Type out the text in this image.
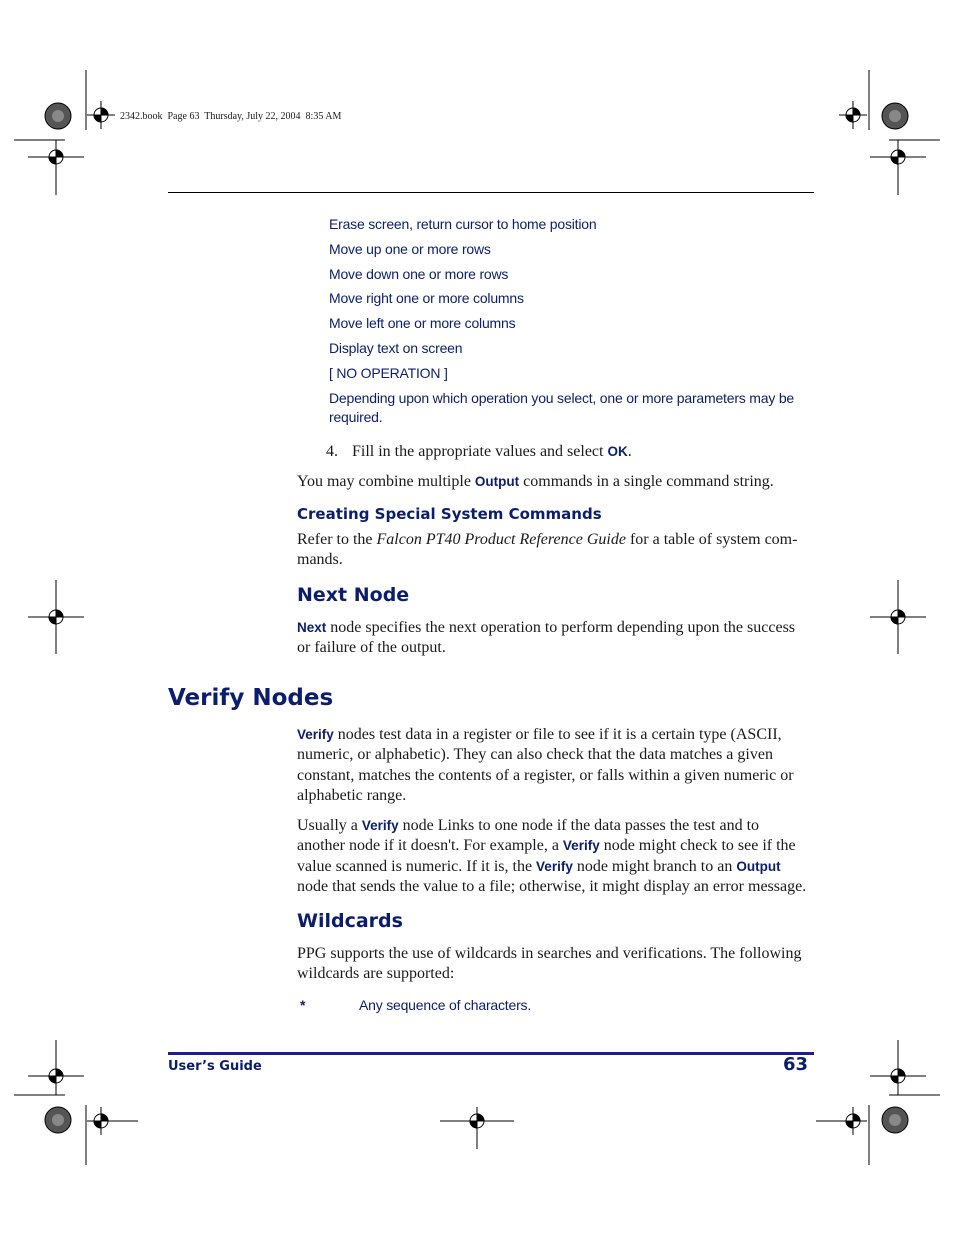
2342.book  Page 63  Thursday, July 22, 2004  8:35 AM
Erase screen, return cursor to home position
Move up one or more rows
Move down one or more rows
Move right one or more columns
Move left one or more columns
Display text on screen
[ NO OPERATION ]
Depending upon which operation you select, one or more parameters may be
required.
4. Fill in the appropriate values and select OK.
You may combine multiple Output commands in a single command string.
Creating Special System Commands
Refer to the Falcon PT40 Product Reference Guide for a table of system com-
mands.
Next Node
Next node specifies the next operation to perform depending upon the success
or failure of the output.
Verify Nodes
Verify nodes test data in a register or file to see if it is a certain type (ASCII,
numeric, or alphabetic). They can also check that the data matches a given
constant, matches the contents of a register, or falls within a given numeric or
alphabetic range.
Usually a Verify node Links to one node if the data passes the test and to
another node if it doesn't. For example, a Verify node might check to see if the
value scanned is numeric. If it is, the Verify node might branch to an Output
node that sends the value to a file; otherwise, it might display an error message.
Wildcards
PPG supports the use of wildcards in searches and verifications. The following
wildcards are supported:
*	Any sequence of characters.
User’s Guide	63
